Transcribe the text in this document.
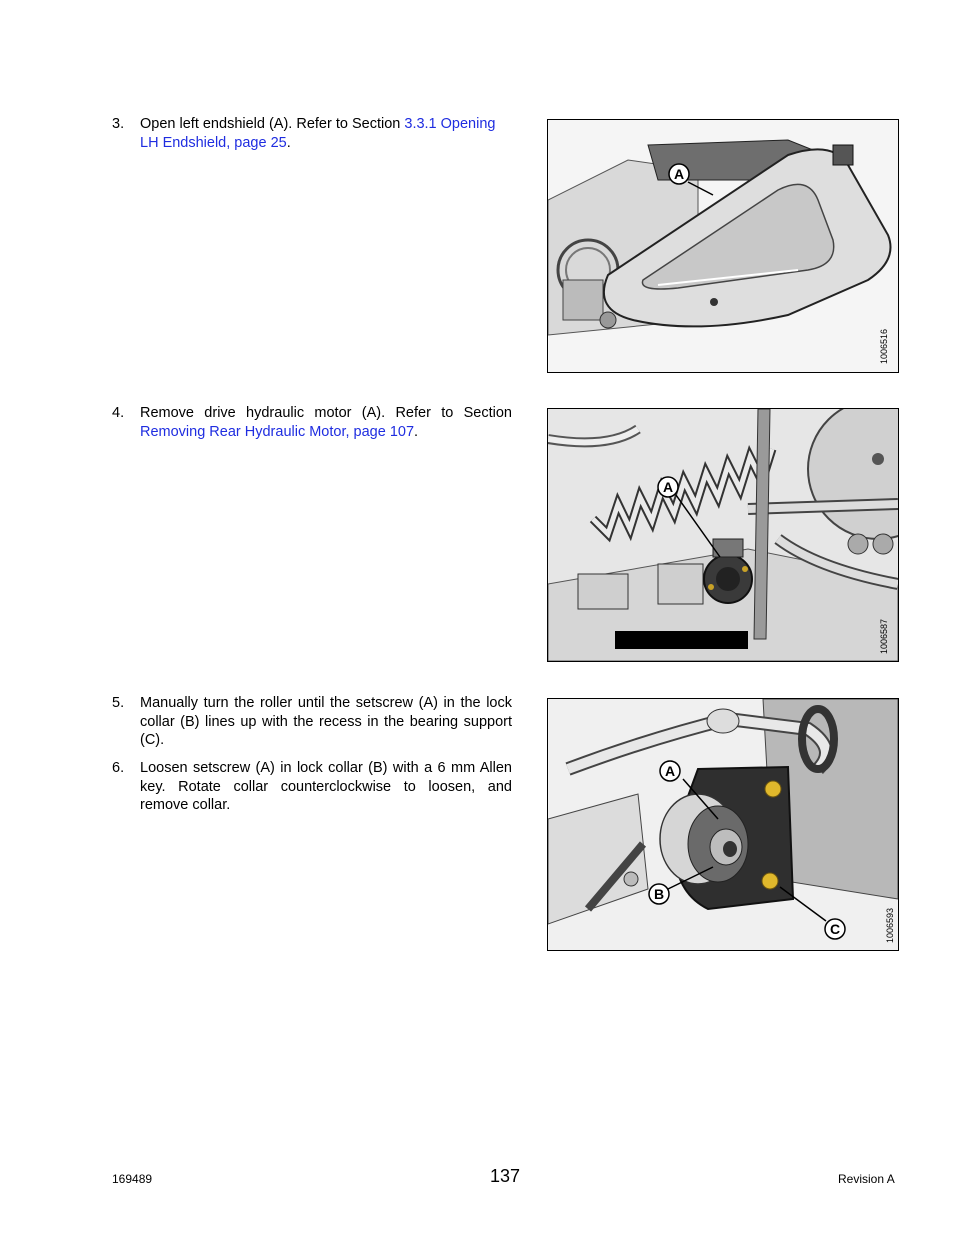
3. Open left endshield (A). Refer to Section 3.3.1 Opening LH Endshield, page 25.
4. Remove drive hydraulic motor (A). Refer to Section Removing Rear Hydraulic Motor, page 107.
5. Manually turn the roller until the setscrew (A) in the lock collar (B) lines up with the recess in the bearing support (C).
6. Loosen setscrew (A) in lock collar (B) with a 6 mm Allen key. Rotate collar counterclockwise to loosen, and remove collar.
A
1006516
A
1006587
A
B
C	1006593
169489	137	Revision A
